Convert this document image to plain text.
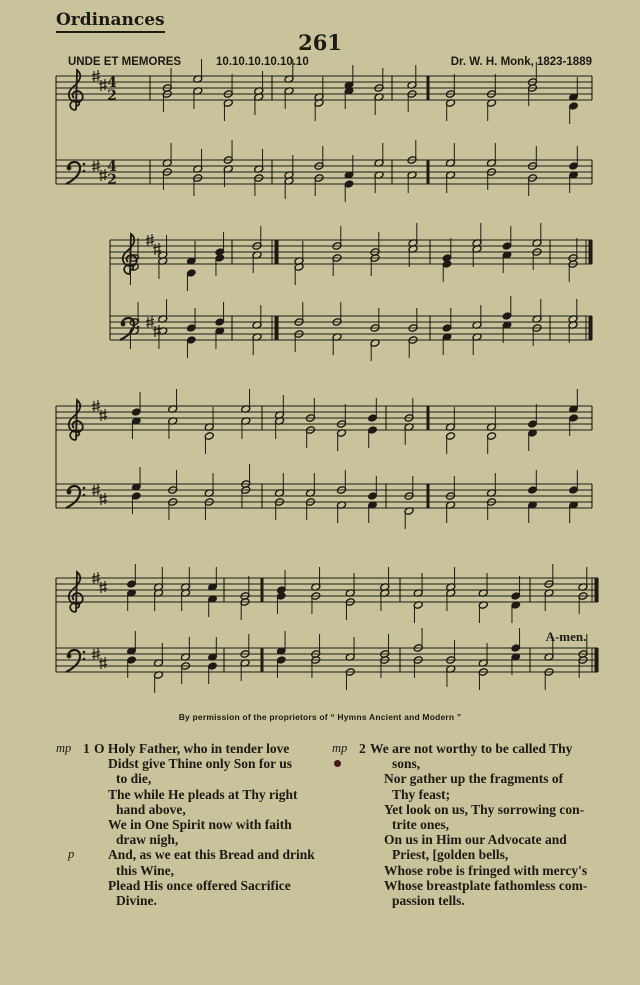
Ordinances
261
UNDE ET MEMORES	10.10.10.10.10.10	Dr. W. H. Monk, 1823-1889
4
2
4
2
A-men.
By permission of the proprietors of “ Hymns Ancient and Modern ”
mp 1 O Holy Father, who in tender love
Didst give Thine only Son for us
to die,
The while He pleads at Thy right
hand above,
We in One Spirit now with faith
draw nigh,
p	And, as we eat this Bread and drink
this Wine,
Plead His once offered Sacrifice
Divine.
mp 2 We are not worthy to be called Thy
sons,
Nor gather up the fragments of
Thy feast;
Yet look on us, Thy sorrowing con-
trite ones,
On us in Him our Advocate and
Priest, [golden bells,
Whose robe is fringed with mercy's
Whose breastplate fathomless com-
passion tells.
